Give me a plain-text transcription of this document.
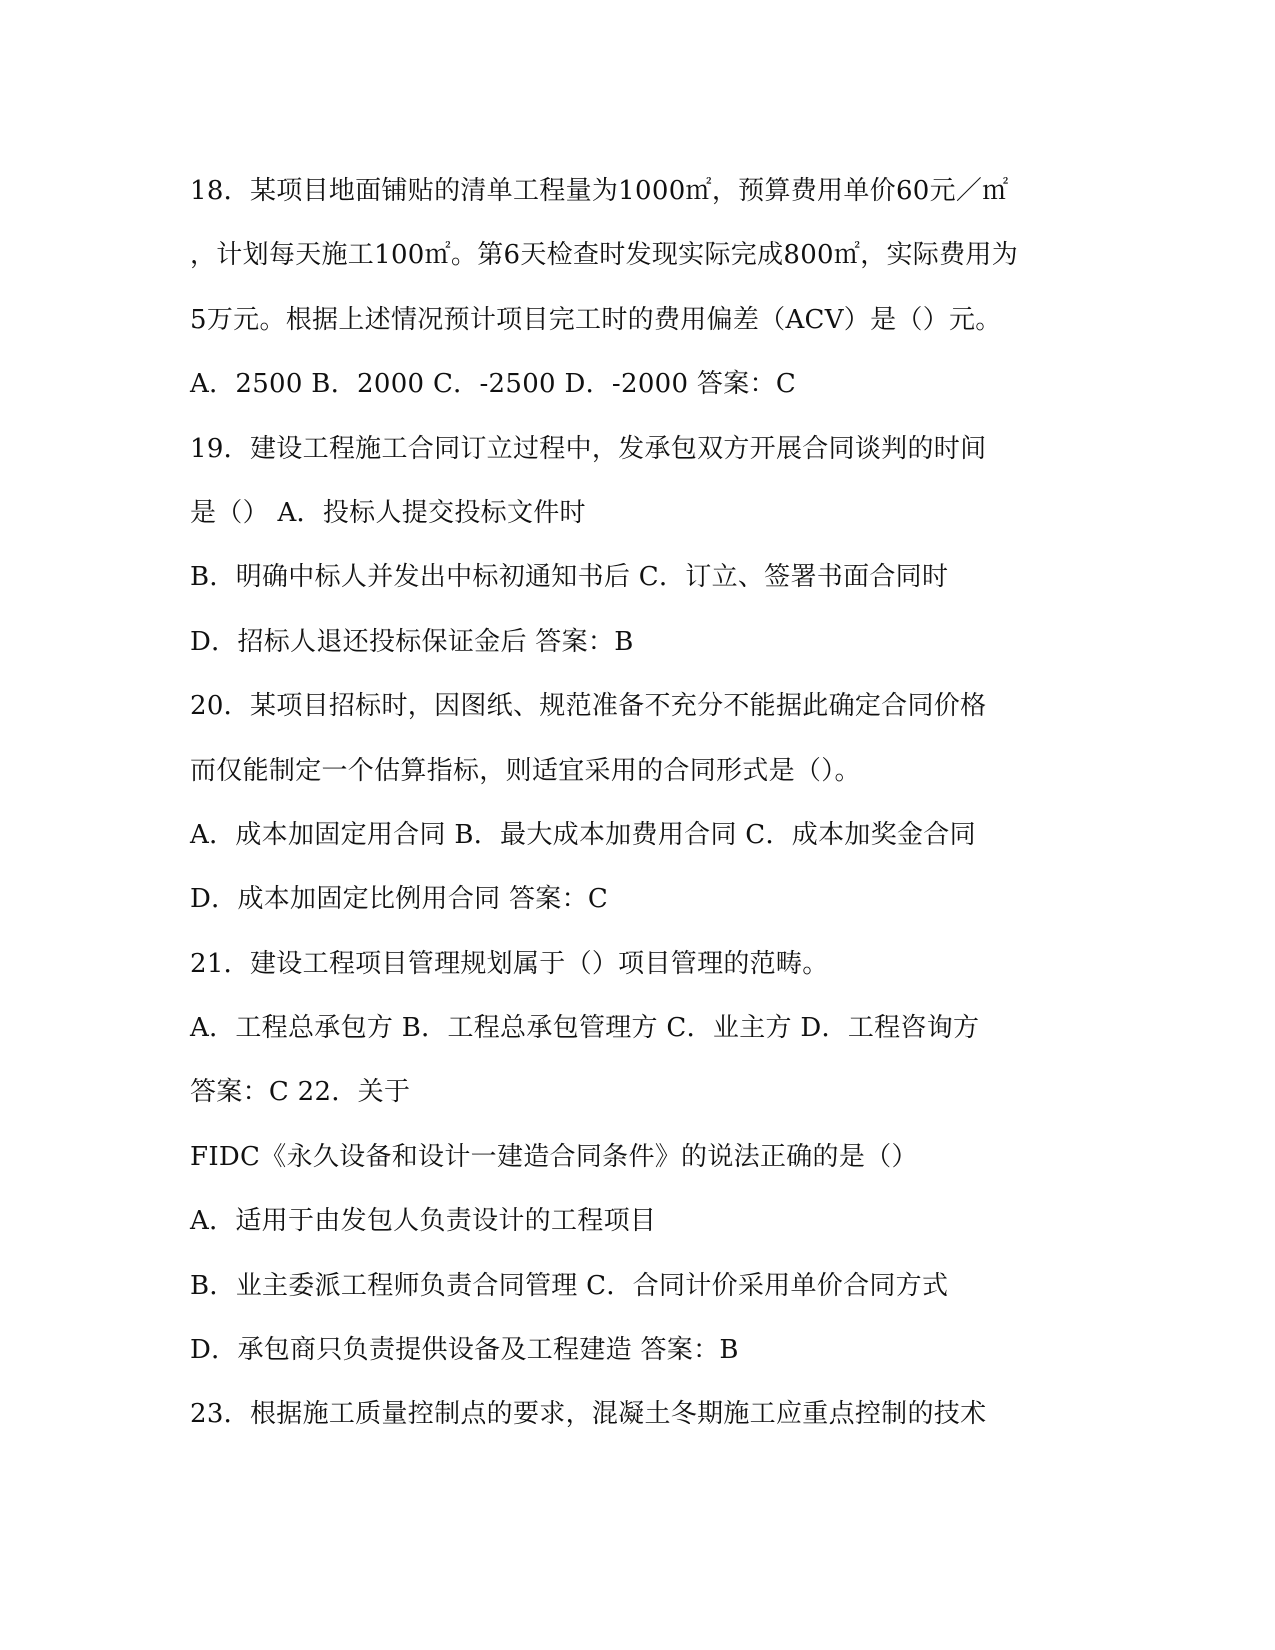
18．某项目地面铺贴的清单工程量为1000㎡，预算费用单价60元／㎡
，计划每天施工100㎡。第6天检查时发现实际完成800㎡，实际费用为
5万元。根据上述情况预计项目完工时的费用偏差（ACV）是（）元。
A．2500 B．2000 C．-2500 D．-2000 答案：C
19．建设工程施工合同订立过程中，发承包双方开展合同谈判的时间
是（） A．投标人提交投标文件时
B．明确中标人并发出中标初通知书后 C．订立、签署书面合同时
D．招标人退还投标保证金后 答案：B
20．某项目招标时，因图纸、规范准备不充分不能据此确定合同价格
而仅能制定一个估算指标，则适宜采用的合同形式是（）。
A．成本加固定用合同 B．最大成本加费用合同 C．成本加奖金合同
D．成本加固定比例用合同 答案：C
21．建设工程项目管理规划属于（）项目管理的范畴。
A．工程总承包方 B．工程总承包管理方 C．业主方 D．工程咨询方
答案：C 22．关于
FIDC《永久设备和设计一建造合同条件》的说法正确的是（）
A．适用于由发包人负责设计的工程项目
B．业主委派工程师负责合同管理 C．合同计价采用单价合同方式
D．承包商只负责提供设备及工程建造 答案：B
23．根据施工质量控制点的要求，混凝土冬期施工应重点控制的技术
